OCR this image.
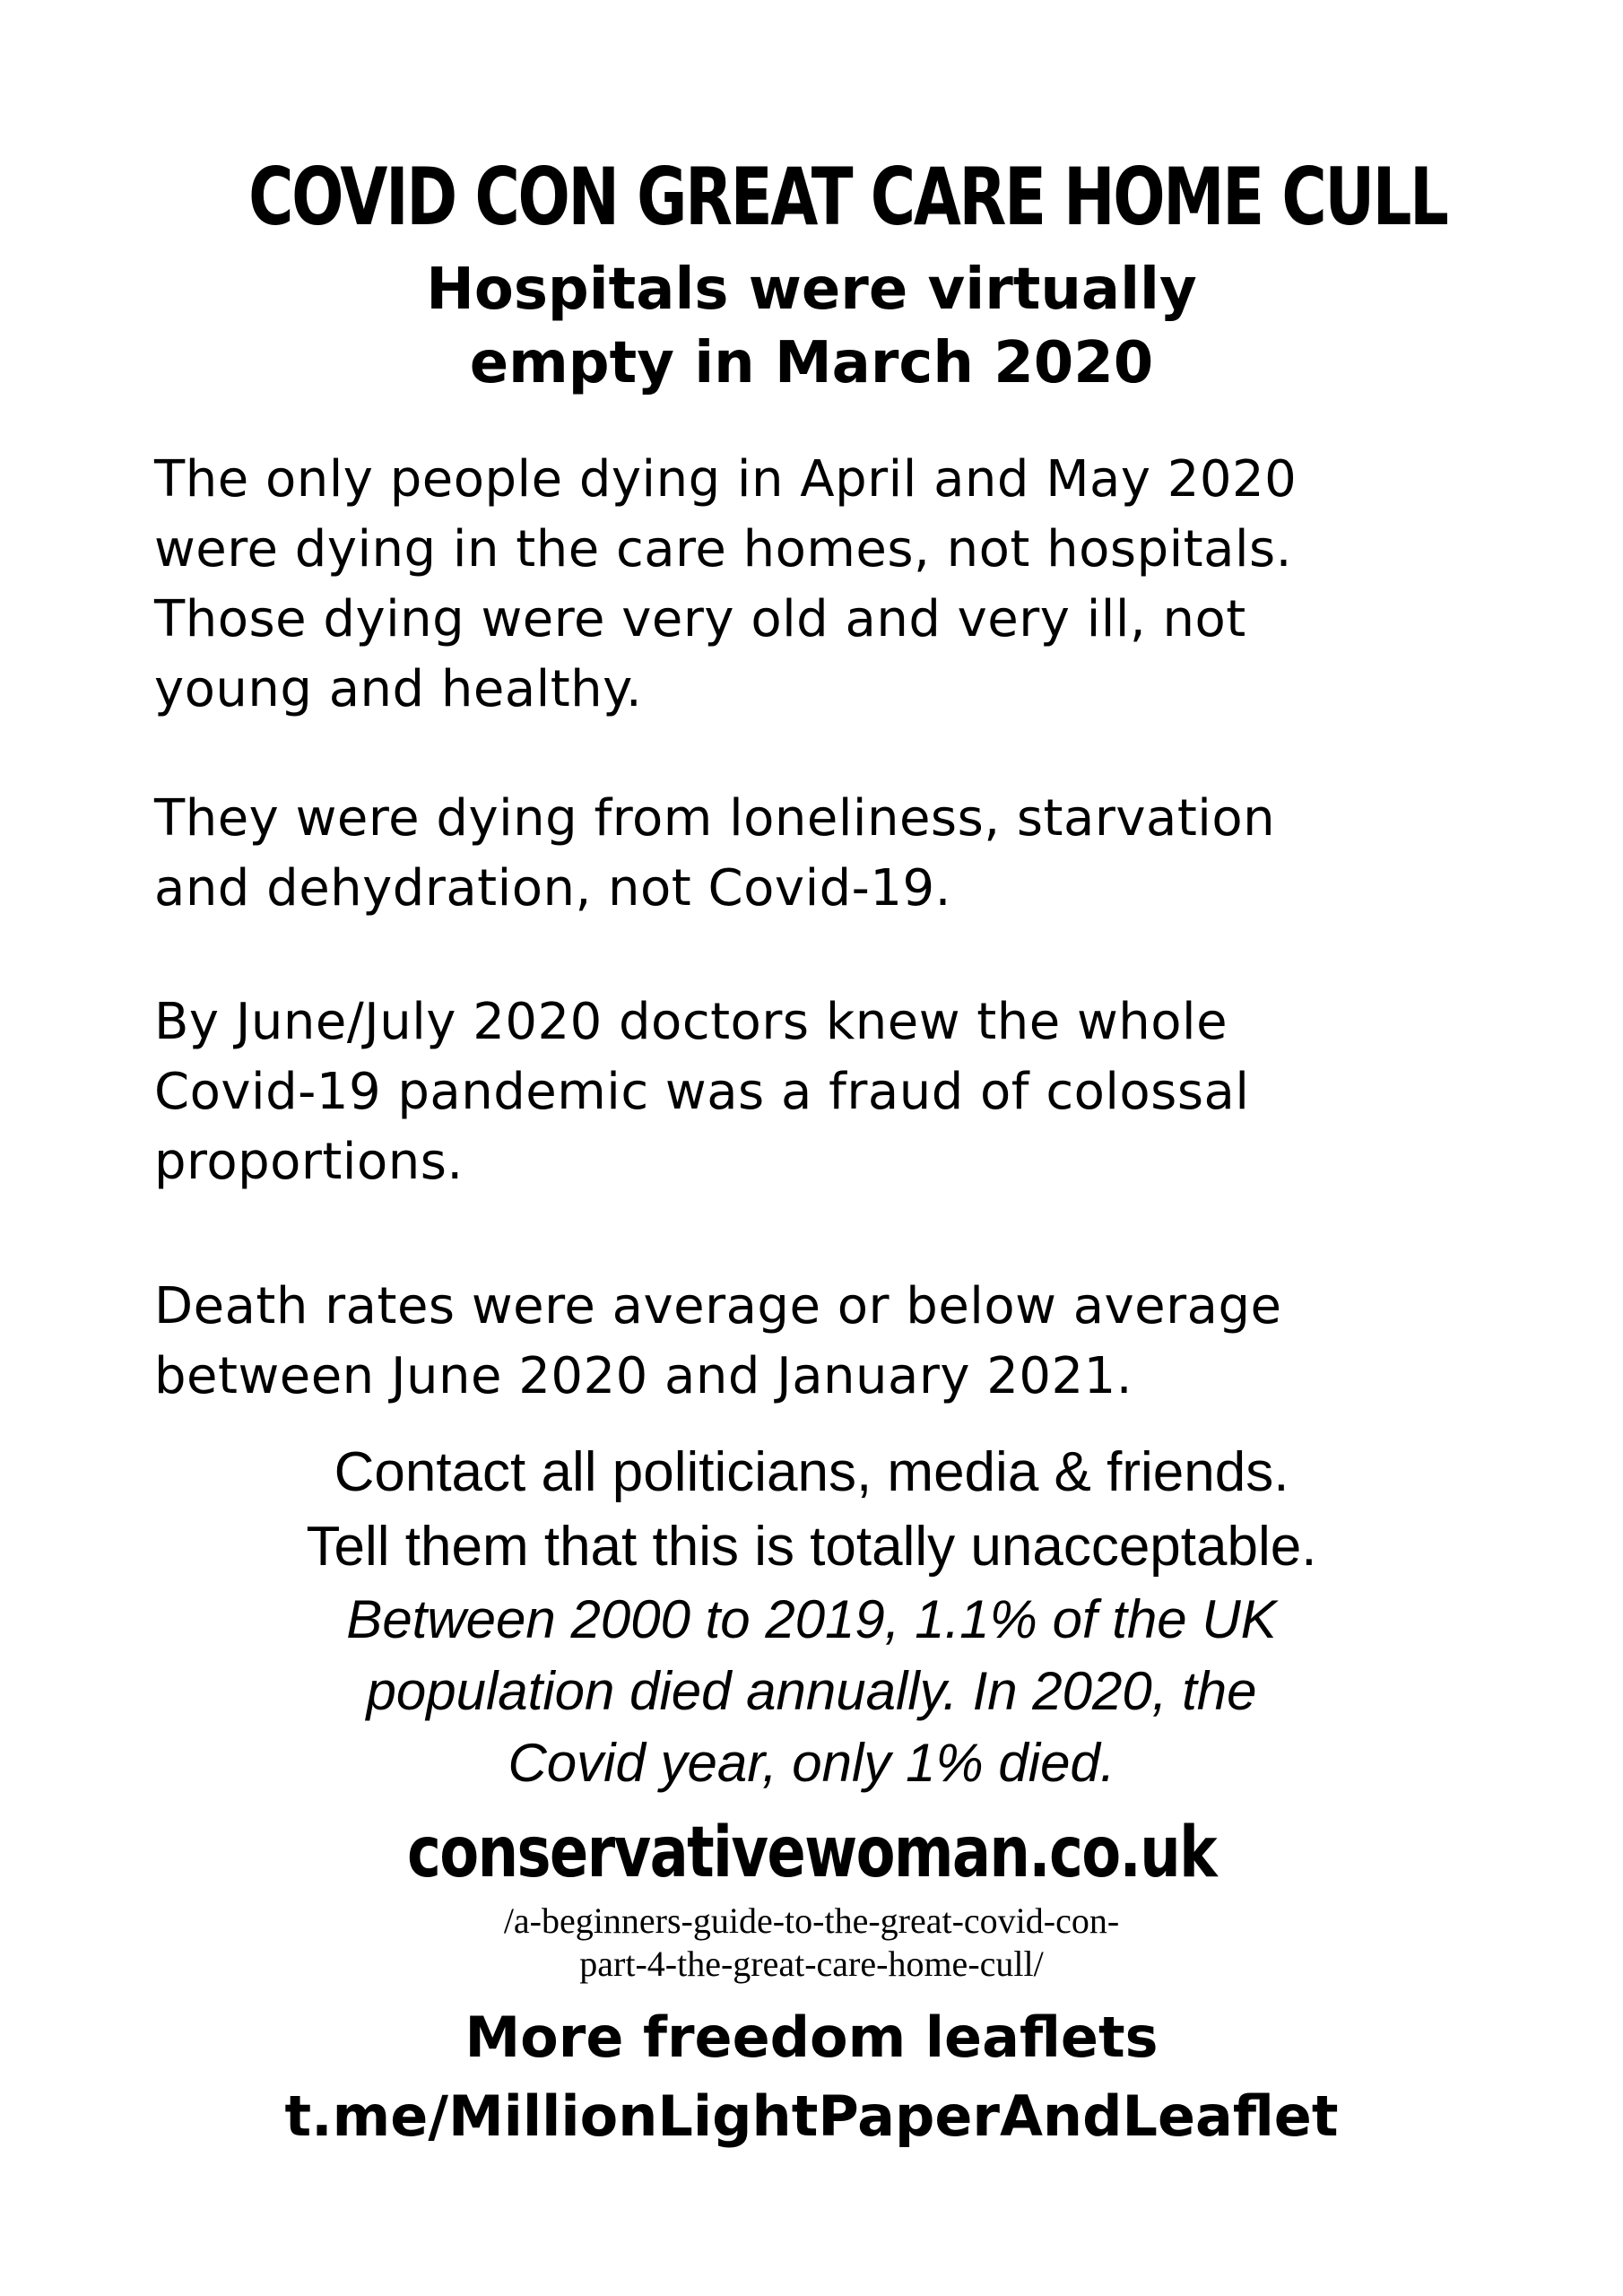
COVID CON GREAT CARE HOME CULL
Hospitals were virtually
empty in March 2020
The only people dying in April and May 2020
were dying in the care homes, not hospitals.
Those dying were very old and very ill, not
young and healthy.
They were dying from loneliness, starvation
and dehydration, not Covid-19.
By June/July 2020 doctors knew the whole
Covid-19 pandemic was a fraud of colossal
proportions.
Death rates were average or below average
between June 2020 and January 2021.
Contact all politicians, media & friends.
Tell them that this is totally unacceptable.
Between 2000 to 2019, 1.1% of the UK
population died annually. In 2020, the
Covid year, only 1% died.
conservativewoman.co.uk
/a-beginners-guide-to-the-great-covid-con-
part-4-the-great-care-home-cull/
More freedom leaflets
t.me/MillionLightPaperAndLeaflet
